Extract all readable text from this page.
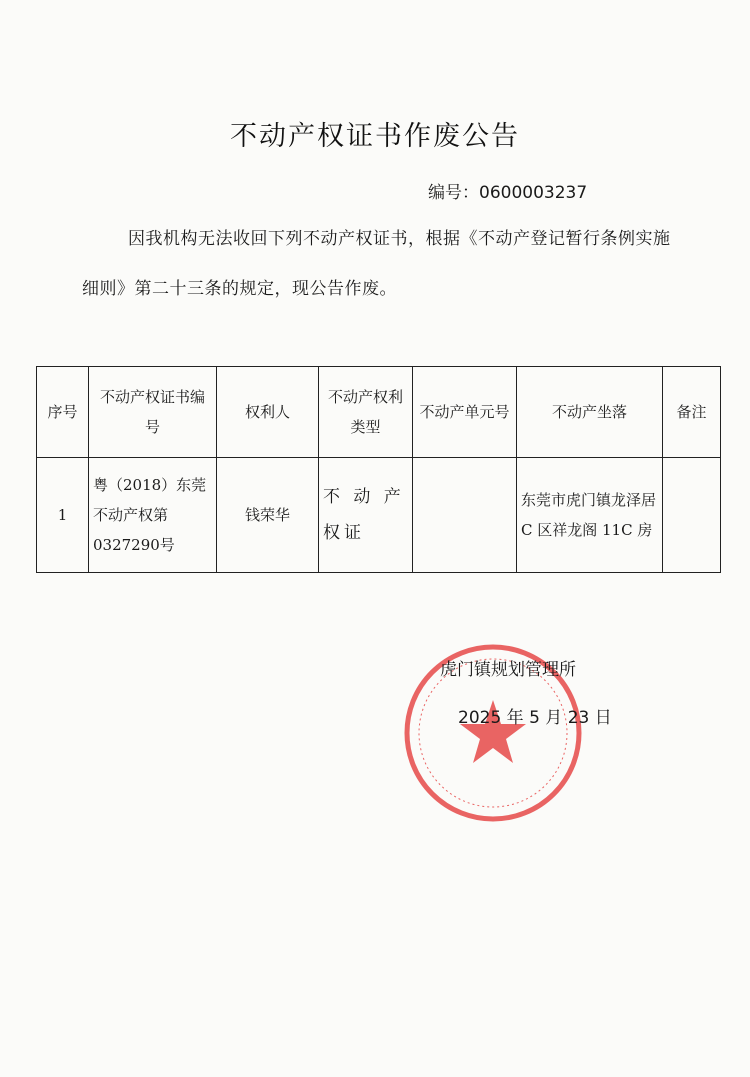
不动产权证书作废公告
编号：0600003237
因我机构无法收回下列不动产权证书，根据《不动产登记暂行条例实施细则》第二十三条的规定，现公告作废。
序号	不动产权证书编号	权利人	不动产权利类型	不动产单元号	不动产坐落	备注
1	粤（2018）东莞不动产权第0327290号	钱荣华	不 动 产 权证		东莞市虎门镇龙泽居 C 区祥龙阁 11C 房	
虎门镇规划管理所
2025 年 5 月 23 日
